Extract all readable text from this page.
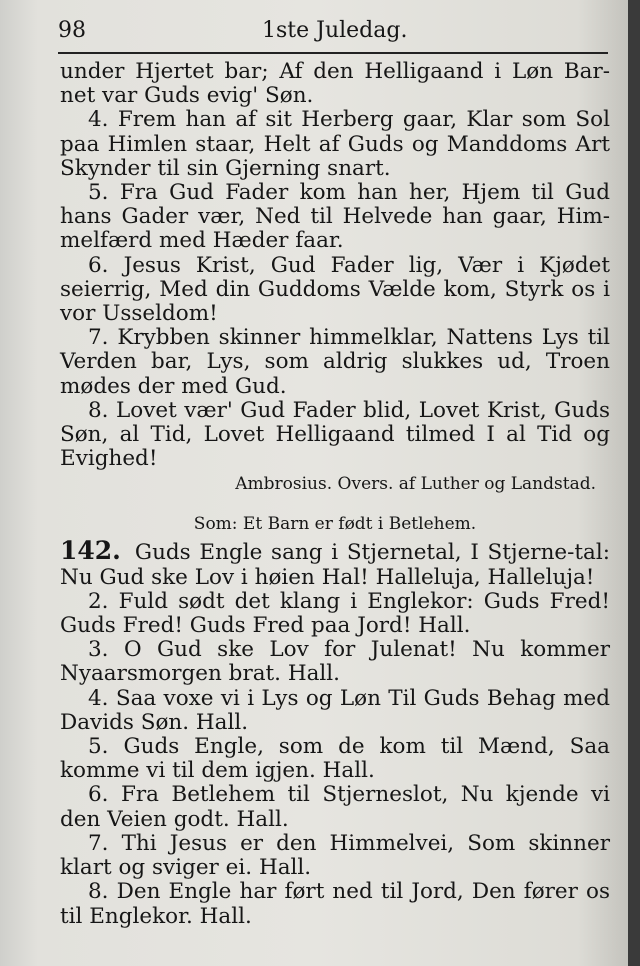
98	1ste Juledag.

under Hjertet bar; Af den Helligaand i Løn Bar-net var Guds evig' Søn.

4. Frem han af sit Herberg gaar, Klar som Sol paa Himlen staar, Helt af Guds og Manddoms Art Skynder til sin Gjerning snart.

5. Fra Gud Fader kom han her, Hjem til Gud hans Gader vær, Ned til Helvede han gaar, Him-melfærd med Hæder faar.

6. Jesus Krist, Gud Fader lig, Vær i Kjødet seierrig, Med din Guddoms Vælde kom, Styrk os i vor Usseldom!

7. Krybben skinner himmelklar, Nattens Lys til Verden bar, Lys, som aldrig slukkes ud, Troen mødes der med Gud.

8. Lovet vær' Gud Fader blid, Lovet Krist, Guds Søn, al Tid, Lovet Helligaand tilmed I al Tid og Evighed!

Ambrosius. Overs. af Luther og Landstad.
Som: Et Barn er født i Betlehem.

142. Guds Engle sang i Stjernetal, I Stjerne-tal: Nu Gud ske Lov i høien Hal! Halleluja, Halleluja!

2. Fuld sødt det klang i Englekor: Guds Fred! Guds Fred! Guds Fred paa Jord! Hall.

3. O Gud ske Lov for Julenat! Nu kommer Nyaarsmorgen brat. Hall.

4. Saa voxe vi i Lys og Løn Til Guds Behag med Davids Søn. Hall.

5. Guds Engle, som de kom til Mænd, Saa komme vi til dem igjen. Hall.

6. Fra Betlehem til Stjerneslot, Nu kjende vi den Veien godt. Hall.

7. Thi Jesus er den Himmelvei, Som skinner klart og sviger ei. Hall.

8. Den Engle har ført ned til Jord, Den fører os til Englekor. Hall.
